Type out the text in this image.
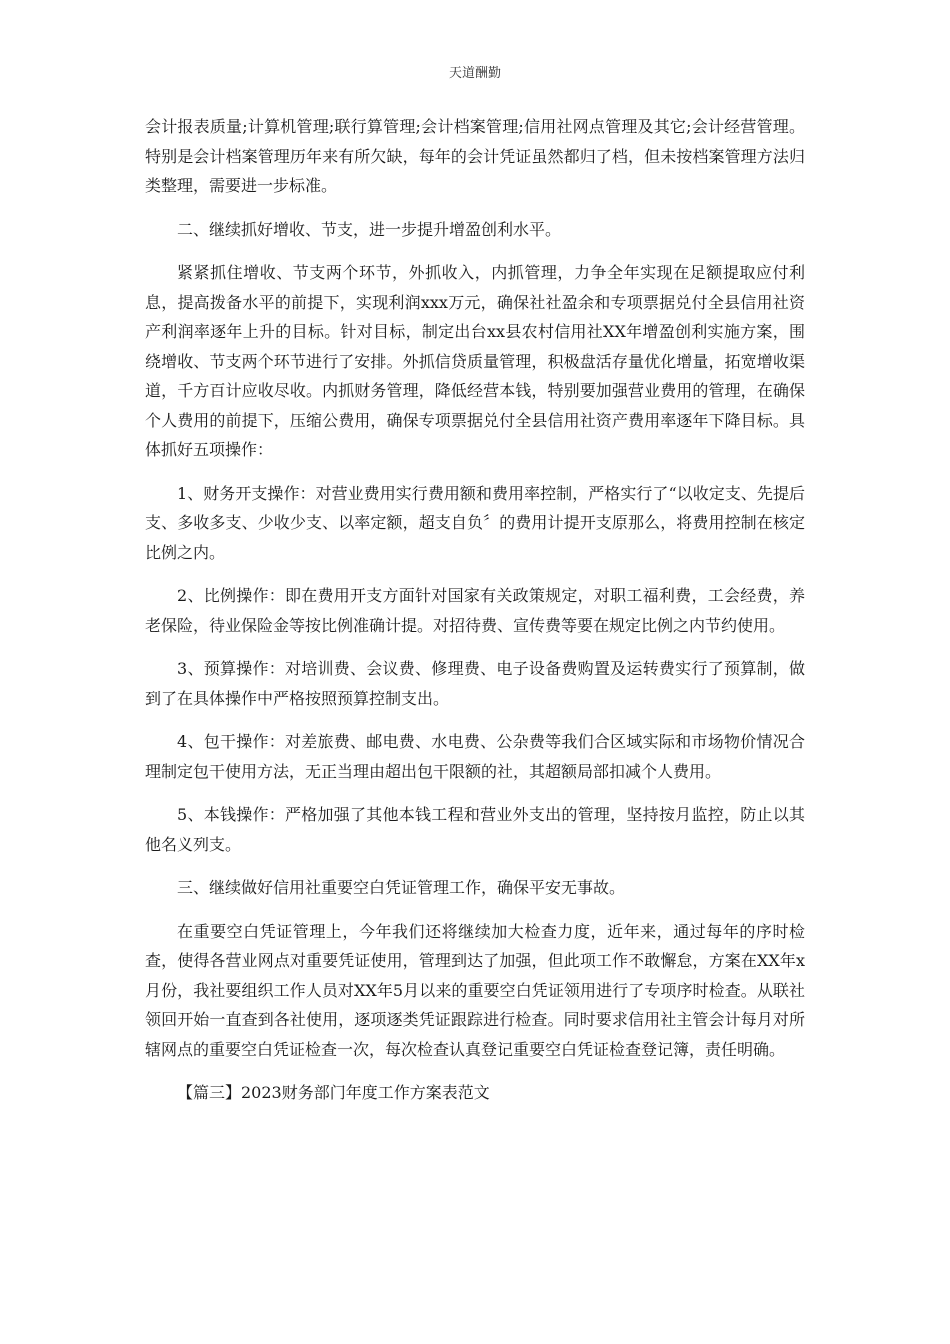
天道酬勤

会计报表质量;计算机管理;联行算管理;会计档案管理;信用社网点管理及其它;会计经营管理。特别是会计档案管理历年来有所欠缺，每年的会计凭证虽然都归了档，但未按档案管理方法归类整理，需要进一步标准。

二、继续抓好增收、节支，进一步提升增盈创利水平。

紧紧抓住增收、节支两个环节，外抓收入，内抓管理，力争全年实现在足额提取应付利息，提高拨备水平的前提下，实现利润xxx万元，确保社社盈余和专项票据兑付全县信用社资产利润率逐年上升的目标。针对目标，制定出台xx县农村信用社XX年增盈创利实施方案，围绕增收、节支两个环节进行了安排。外抓信贷质量管理，积极盘活存量优化增量，拓宽增收渠道，千方百计应收尽收。内抓财务管理，降低经营本钱，特别要加强营业费用的管理，在确保个人费用的前提下，压缩公费用，确保专项票据兑付全县信用社资产费用率逐年下降目标。具体抓好五项操作：

1、财务开支操作：对营业费用实行费用额和费用率控制，严格实行了“以收定支、先提后支、多收多支、少收少支、以率定额，超支自负〞的费用计提开支原那么，将费用控制在核定比例之内。

2、比例操作：即在费用开支方面针对国家有关政策规定，对职工福利费，工会经费，养老保险，待业保险金等按比例准确计提。对招待费、宣传费等要在规定比例之内节约使用。

3、预算操作：对培训费、会议费、修理费、电子设备费购置及运转费实行了预算制，做到了在具体操作中严格按照预算控制支出。

4、包干操作：对差旅费、邮电费、水电费、公杂费等我们合区域实际和市场物价情况合理制定包干使用方法，无正当理由超出包干限额的社，其超额局部扣减个人费用。

5、本钱操作：严格加强了其他本钱工程和营业外支出的管理，坚持按月监控，防止以其他名义列支。

三、继续做好信用社重要空白凭证管理工作，确保平安无事故。

在重要空白凭证管理上，今年我们还将继续加大检查力度，近年来，通过每年的序时检查，使得各营业网点对重要凭证使用，管理到达了加强，但此项工作不敢懈怠，方案在XX年x月份，我社要组织工作人员对XX年5月以来的重要空白凭证领用进行了专项序时检查。从联社领回开始一直查到各社使用，逐项逐类凭证跟踪进行检查。同时要求信用社主管会计每月对所辖网点的重要空白凭证检查一次，每次检查认真登记重要空白凭证检查登记簿，责任明确。

【篇三】2023财务部门年度工作方案表范文
